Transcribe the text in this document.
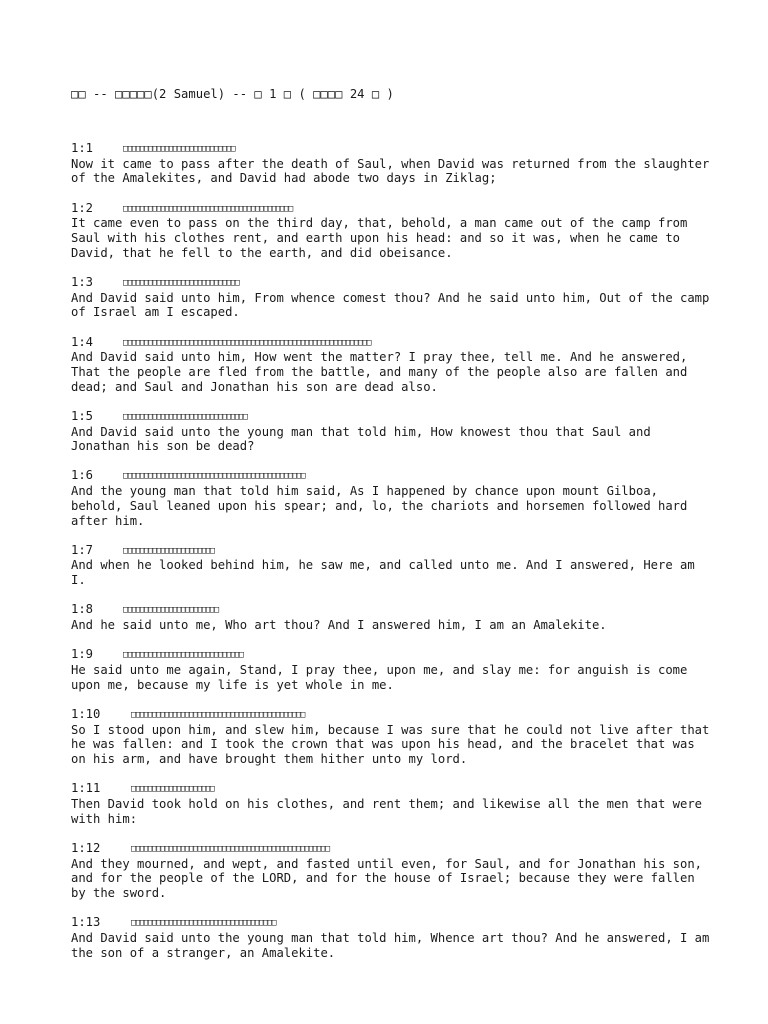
□□ -- □□□□□(2 Samuel) -- □ 1 □ ( □□□□ 24 □ )
1:1	□□□□□□□□□□□□□□□□□□□□□□□□□□□
Now it came to pass after the death of Saul, when David was returned from the slaughter of the Amalekites, and David had abode two days in Ziklag;
1:2	□□□□□□□□□□□□□□□□□□□□□□□□□□□□□□□□□□□□□□□□□
It came even to pass on the third day, that, behold, a man came out of the camp from Saul with his clothes rent, and earth upon his head: and so it was, when he came to David, that he fell to the earth, and did obeisance.
1:3	□□□□□□□□□□□□□□□□□□□□□□□□□□□□
And David said unto him, From whence comest thou? And he said unto him, Out of the camp of Israel am I escaped.
1:4	□□□□□□□□□□□□□□□□□□□□□□□□□□□□□□□□□□□□□□□□□□□□□□□□□□□□□□□□□□□□
And David said unto him, How went the matter? I pray thee, tell me. And he answered, That the people are fled from the battle, and many of the people also are fallen and dead; and Saul and Jonathan his son are dead also.
1:5	□□□□□□□□□□□□□□□□□□□□□□□□□□□□□□
And David said unto the young man that told him, How knowest thou that Saul and Jonathan his son be dead?
1:6	□□□□□□□□□□□□□□□□□□□□□□□□□□□□□□□□□□□□□□□□□□□□
And the young man that told him said, As I happened by chance upon mount Gilboa, behold, Saul leaned upon his spear; and, lo, the chariots and horsemen followed hard after him.
1:7	□□□□□□□□□□□□□□□□□□□□□□
And when he looked behind him, he saw me, and called unto me. And I answered, Here am I.
1:8	□□□□□□□□□□□□□□□□□□□□□□□
And he said unto me, Who art thou? And I answered him, I am an Amalekite.
1:9	□□□□□□□□□□□□□□□□□□□□□□□□□□□□□
He said unto me again, Stand, I pray thee, upon me, and slay me: for anguish is come upon me, because my life is yet whole in me.
1:10	□□□□□□□□□□□□□□□□□□□□□□□□□□□□□□□□□□□□□□□□□□
So I stood upon him, and slew him, because I was sure that he could not live after that he was fallen: and I took the crown that was upon his head, and the bracelet that was on his arm, and have brought them hither unto my lord.
1:11	□□□□□□□□□□□□□□□□□□□□
Then David took hold on his clothes, and rent them; and likewise all the men that were with him:
1:12	□□□□□□□□□□□□□□□□□□□□□□□□□□□□□□□□□□□□□□□□□□□□□□□□
And they mourned, and wept, and fasted until even, for Saul, and for Jonathan his son, and for the people of the LORD, and for the house of Israel; because they were fallen by the sword.
1:13	□□□□□□□□□□□□□□□□□□□□□□□□□□□□□□□□□□□
And David said unto the young man that told him, Whence art thou? And he answered, I am the son of a stranger, an Amalekite.
